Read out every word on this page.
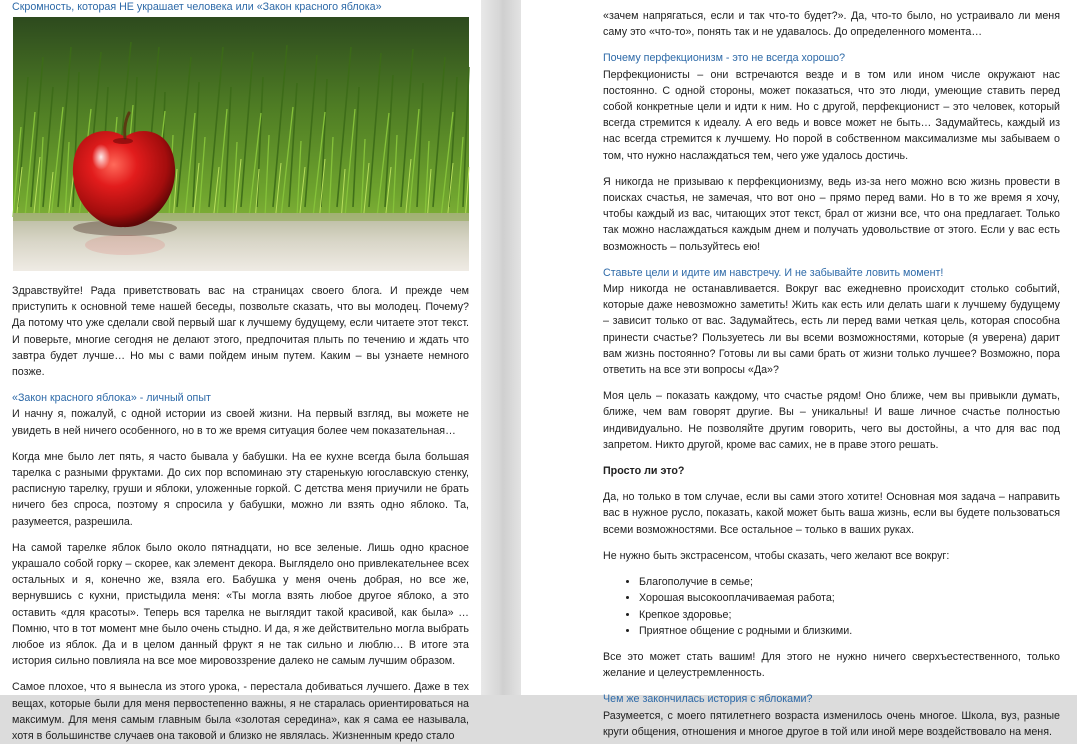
Скромность, которая НЕ украшает человека или «Закон красного яблока»
Здравствуйте! Рада приветствовать вас на страницах своего блога. И прежде чем приступить к основной теме нашей беседы, позвольте сказать, что вы молодец. Почему? Да потому что уже сделали свой первый шаг к лучшему будущему, если читаете этот текст. И поверьте, многие сегодня не делают этого, предпочитая плыть по течению и ждать что завтра будет лучше… Но мы с вами пойдем иным путем. Каким – вы узнаете немного позже.
«Закон красного яблока» - личный опыт
И начну я, пожалуй, с одной истории из своей жизни. На первый взгляд, вы можете не увидеть в ней ничего особенного, но в то же время ситуация более чем показательная…
Когда мне было лет пять, я часто бывала у бабушки. На ее кухне всегда была большая тарелка с разными фруктами. До сих пор вспоминаю эту старенькую югославскую стенку, расписную тарелку, груши и яблоки, уложенные горкой. С детства меня приучили не брать ничего без спроса, поэтому я спросила у бабушки, можно ли взять одно яблоко. Та, разумеется, разрешила.
На самой тарелке яблок было около пятнадцати, но все зеленые. Лишь одно красное украшало собой горку – скорее, как элемент декора. Выглядело оно привлекательнее всех остальных и я, конечно же, взяла его. Бабушка у меня очень добрая, но все же, вернувшись с кухни, пристыдила меня: «Ты могла взять любое другое яблоко, а это оставить «для красоты». Теперь вся тарелка не выглядит такой красивой, как была» … Помню, что в тот момент мне было очень стыдно. И да, я же действительно могла выбрать любое из яблок. Да и в целом данный фрукт я не так сильно и люблю… В итоге эта история сильно повлияла на все мое мировоззрение далеко не самым лучшим образом.
Самое плохое, что я вынесла из этого урока, - перестала добиваться лучшего. Даже в тех вещах, которые были для меня первостепенно важны, я не старалась ориентироваться на максимум. Для меня самым главным была «золотая середина», как я сама ее называла, хотя в большинстве случаев она таковой и близко не являлась. Жизненным кредо стало
«зачем напрягаться, если и так что-то будет?». Да, что-то было, но устраивало ли меня саму это «что-то», понять так и не удавалось. До определенного момента…
Почему перфекционизм - это не всегда хорошо?
Перфекционисты – они встречаются везде и в том или ином числе окружают нас постоянно. С одной стороны, может показаться, что это люди, умеющие ставить перед собой конкретные цели и идти к ним. Но с другой, перфекционист – это человек, который всегда стремится к идеалу. А его ведь и вовсе может не быть… Задумайтесь, каждый из нас всегда стремится к лучшему. Но порой в собственном максимализме мы забываем о том, что нужно наслаждаться тем, чего уже удалось достичь.
Я никогда не призываю к перфекционизму, ведь из-за него можно всю жизнь провести в поисках счастья, не замечая, что вот оно – прямо перед вами. Но в то же время я хочу, чтобы каждый из вас, читающих этот текст, брал от жизни все, что она предлагает. Только так можно наслаждаться каждым днем и получать удовольствие от этого. Если у вас есть возможность – пользуйтесь ею!
Ставьте цели и идите им навстречу. И не забывайте ловить момент!
Мир никогда не останавливается. Вокруг вас ежедневно происходит столько событий, которые даже невозможно заметить! Жить как есть или делать шаги к лучшему будущему – зависит только от вас. Задумайтесь, есть ли перед вами четкая цель, которая способна принести счастье? Пользуетесь ли вы всеми возможностями, которые (я уверена) дарит вам жизнь постоянно? Готовы ли вы сами брать от жизни только лучшее? Возможно, пора ответить на все эти вопросы «Да»?
Моя цель – показать каждому, что счастье рядом! Оно ближе, чем вы привыкли думать, ближе, чем вам говорят другие. Вы – уникальны! И ваше личное счастье полностью индивидуально. Не позволяйте другим говорить, чего вы достойны, а что для вас под запретом. Никто другой, кроме вас самих, не в праве этого решать.
Просто ли это?
Да, но только в том случае, если вы сами этого хотите! Основная моя задача – направить вас в нужное русло, показать, какой может быть ваша жизнь, если вы будете пользоваться всеми возможностями. Все остальное – только в ваших руках.
Не нужно быть экстрасенсом, чтобы сказать, чего желают все вокруг:
• Благополучие в семье;
• Хорошая высокооплачиваемая работа;
• Крепкое здоровье;
• Приятное общение с родными и близкими.
Все это может стать вашим! Для этого не нужно ничего сверхъестественного, только желание и целеустремленность.
Чем же закончилась история с яблоками?
Разумеется, с моего пятилетнего возраста изменилось очень многое. Школа, вуз, разные круги общения, отношения и многое другое в той или иной мере воздействовало на меня.
